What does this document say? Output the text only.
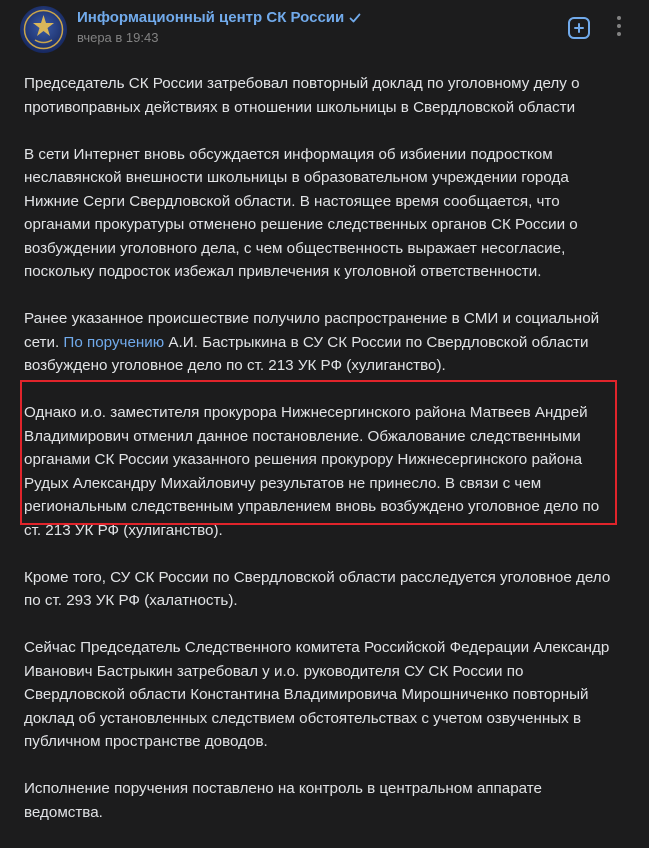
Информационный центр СК России
вчера в 19:43

Председатель СК России затребовал повторный доклад по уголовному делу о противоправных действиях в отношении школьницы в Свердловской области

В сети Интернет вновь обсуждается информация об избиении подростком неславянской внешности школьницы в образовательном учреждении города Нижние Серги Свердловской области. В настоящее время сообщается, что органами прокуратуры отменено решение следственных органов СК России о возбуждении уголовного дела, с чем общественность выражает несогласие, поскольку подросток избежал привлечения к уголовной ответственности.

Ранее указанное происшествие получило распространение в СМИ и социальной сети. По поручению А.И. Бастрыкина в СУ СК России по Свердловской области возбуждено уголовное дело по ст. 213 УК РФ (хулиганство).

Однако и.о. заместителя прокурора Нижнесергинского района Матвеев Андрей Владимирович отменил данное постановление. Обжалование следственными органами СК России указанного решения прокурору Нижнесергинского района Рудых Александру Михайловичу результатов не принесло. В связи с чем региональным следственным управлением вновь возбуждено уголовное дело по ст. 213 УК РФ (хулиганство).

Кроме того, СУ СК России по Свердловской области расследуется уголовное дело по ст. 293 УК РФ (халатность).

Сейчас Председатель Следственного комитета Российской Федерации Александр Иванович Бастрыкин затребовал у и.о. руководителя СУ СК России по Свердловской области Константина Владимировича Мирошниченко повторный доклад об установленных следствием обстоятельствах с учетом озвученных в публичном пространстве доводов.

Исполнение поручения поставлено на контроль в центральном аппарате ведомства.
